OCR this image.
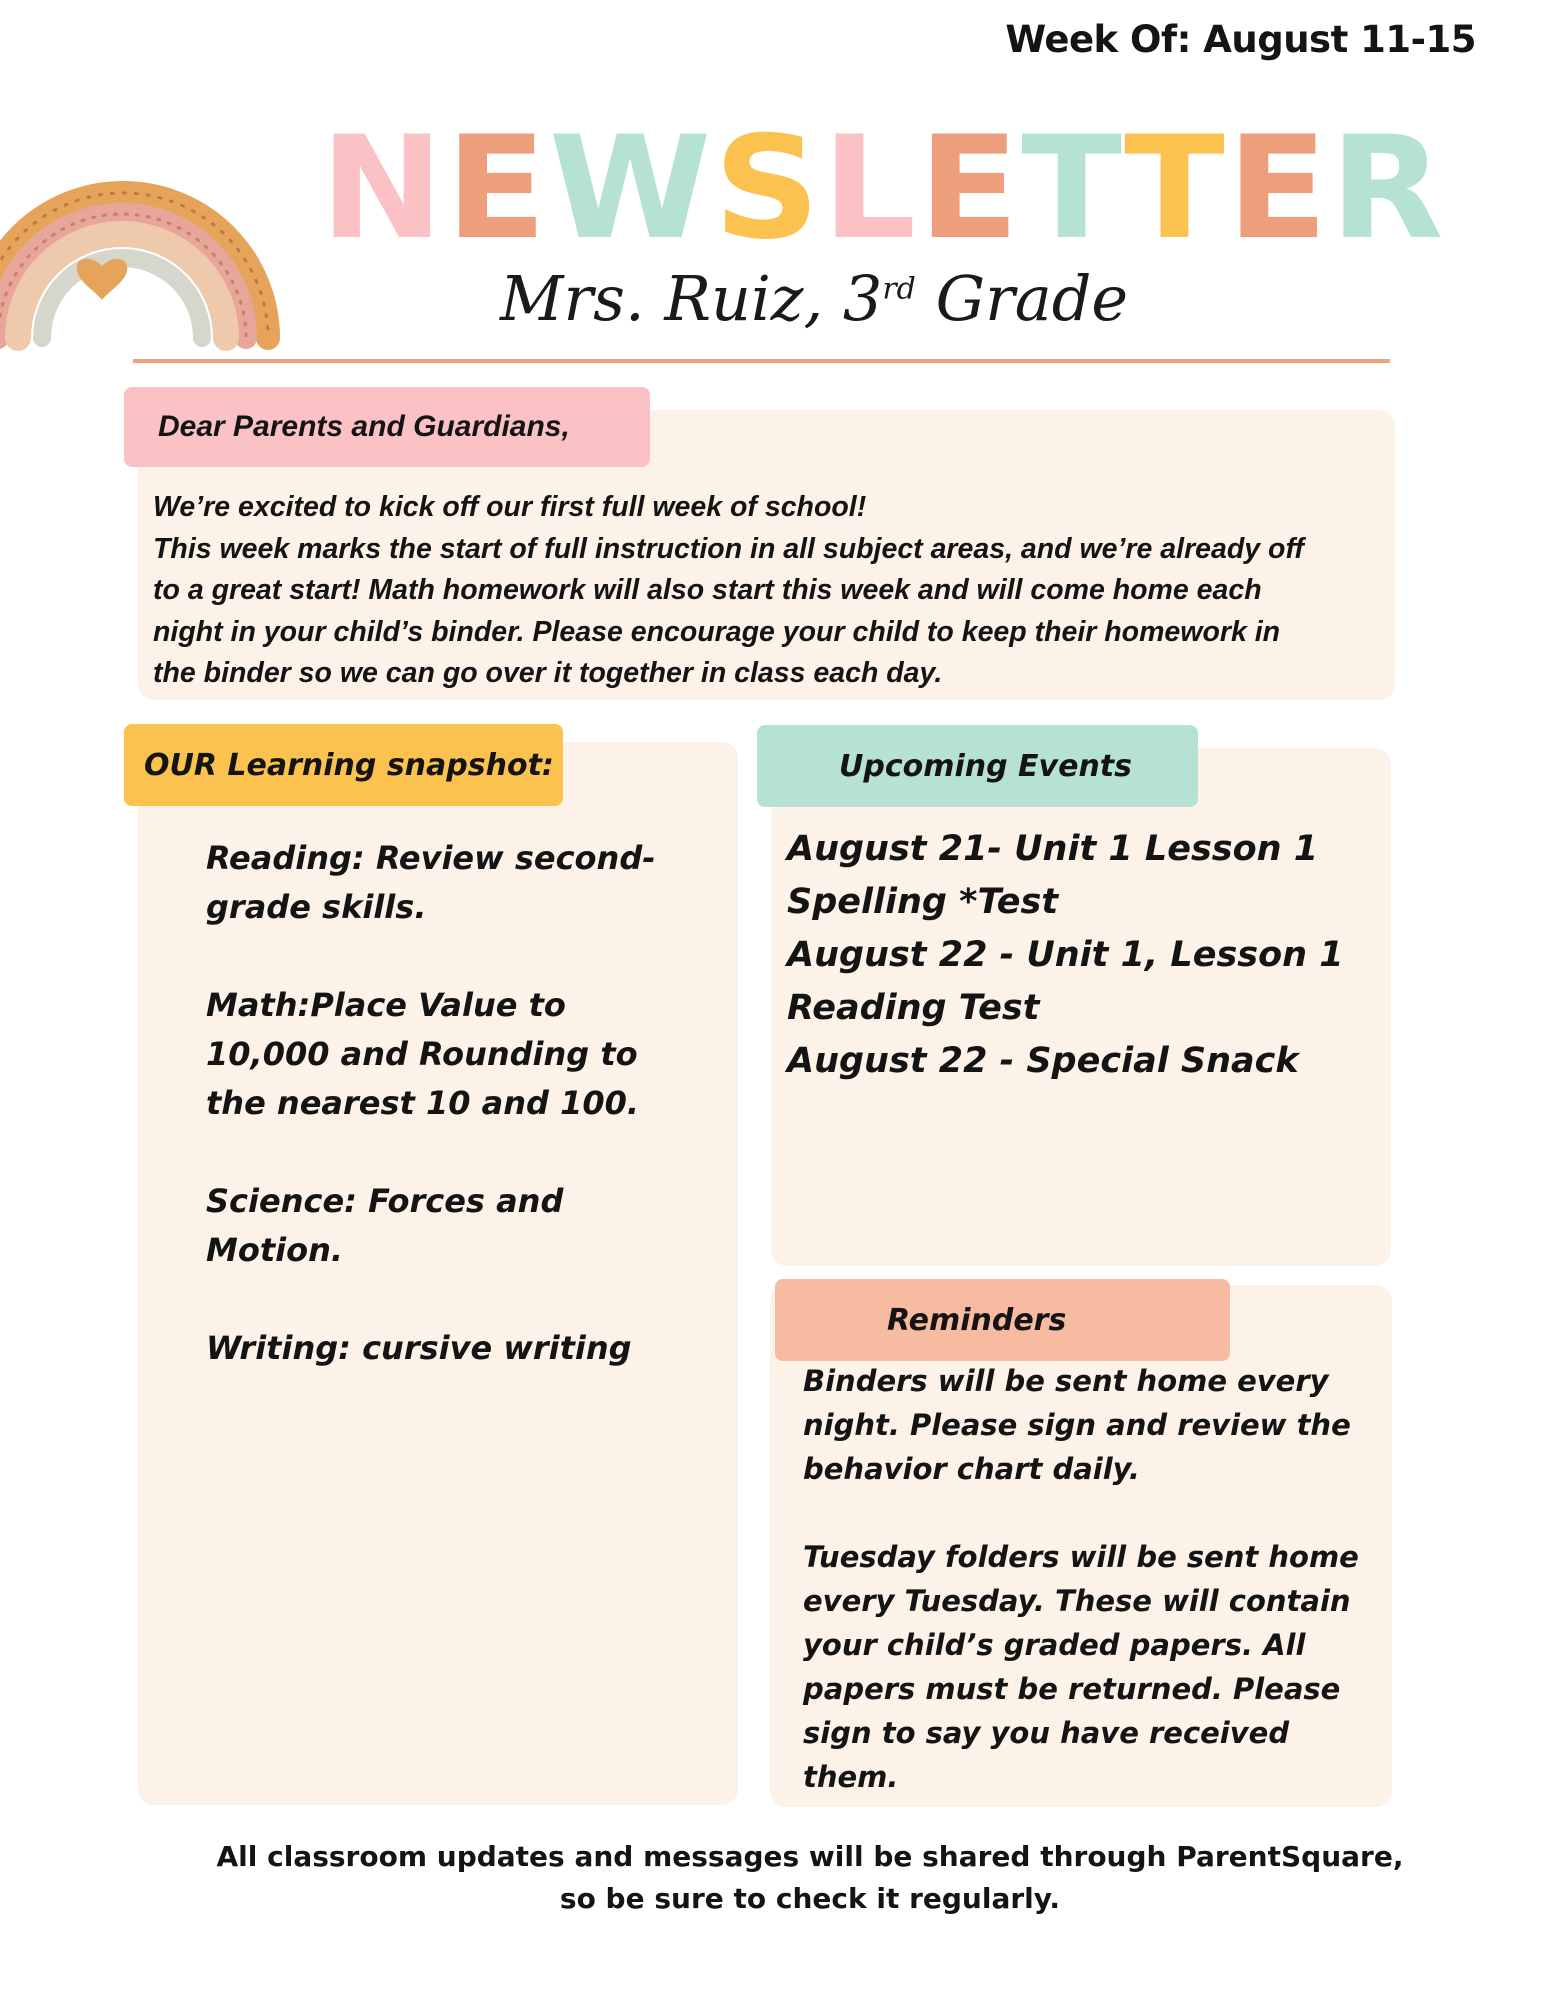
Week Of: August 11-15
NEWSLETTER
Mrs. Ruiz, 3rd Grade
Dear Parents and Guardians,
We’re excited to kick off our first full week of school!
This week marks the start of full instruction in all subject areas, and we’re already off
to a great start! Math homework will also start this week and will come home each
night in your child’s binder. Please encourage your child to keep their homework in
the binder so we can go over it together in class each day.
OUR Learning snapshot:

Reading: Review second-
grade skills.

Math:Place Value to
10,000 and Rounding to
the nearest 10 and 100.

Science: Forces and
Motion.

Writing: cursive writing

Upcoming Events
August 21- Unit 1 Lesson 1
Spelling *Test
August 22 - Unit 1, Lesson 1
Reading Test
August 22 - Special Snack
Reminders
Binders will be sent home every
night. Please sign and review the
behavior chart daily.
Tuesday folders will be sent home
every Tuesday. These will contain
your child’s graded papers. All
papers must be returned. Please
sign to say you have received
them.
All classroom updates and messages will be shared through ParentSquare,
so be sure to check it regularly.
